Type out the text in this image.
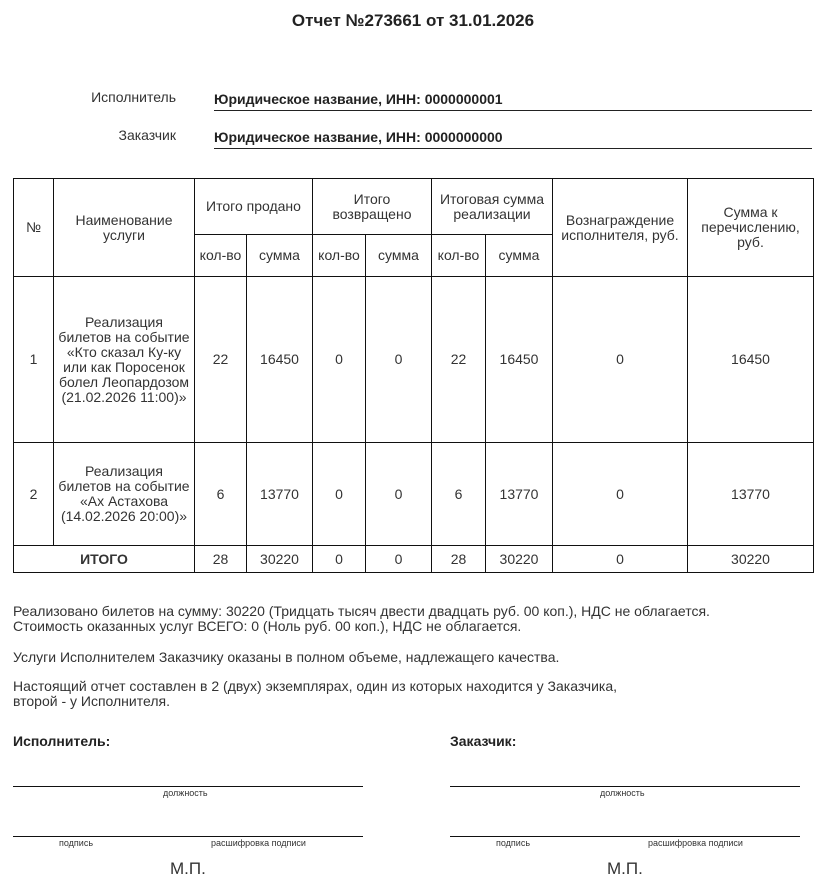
Отчет №273661 от 31.01.2026
Исполнитель	Юридическое название, ИНН: 0000000001
Заказчик	Юридическое название, ИНН: 0000000000
№	Наименование услуги	Итого продано		Итого возвращено		Итоговая сумма реализации		Вознаграждение исполнителя, руб.	Сумма к перечислению, руб.
		кол-во	сумма	кол-во	сумма	кол-во	сумма		
1	Реализация билетов на событие «Кто сказал Ку-ку или как Поросенок болел Леопардозом (21.02.2026 11:00)»	22	16450	0	0	22	16450	0	16450
2	Реализация билетов на событие «Ах Астахова (14.02.2026 20:00)»	6	13770	0	0	6	13770	0	13770
ИТОГО		28	30220	0	0	28	30220	0	30220

Реализовано билетов на сумму: 30220 (Тридцать тысяч двести двадцать руб. 00 коп.), НДС не облагается.

Стоимость оказанных услуг ВСЕГО: 0 (Ноль руб. 00 коп.), НДС не облагается.

Услуги Исполнителем Заказчику оказаны в полном объеме, надлежащего качества.

Настоящий отчет составлен в 2 (двух) экземплярах, один из которых находится у Заказчика,

второй - у Исполнителя.

Исполнитель:
должность
подпись	расшифровка подписи
М.П.
Заказчик:
должность
подпись	расшифровка подписи
М.П.
